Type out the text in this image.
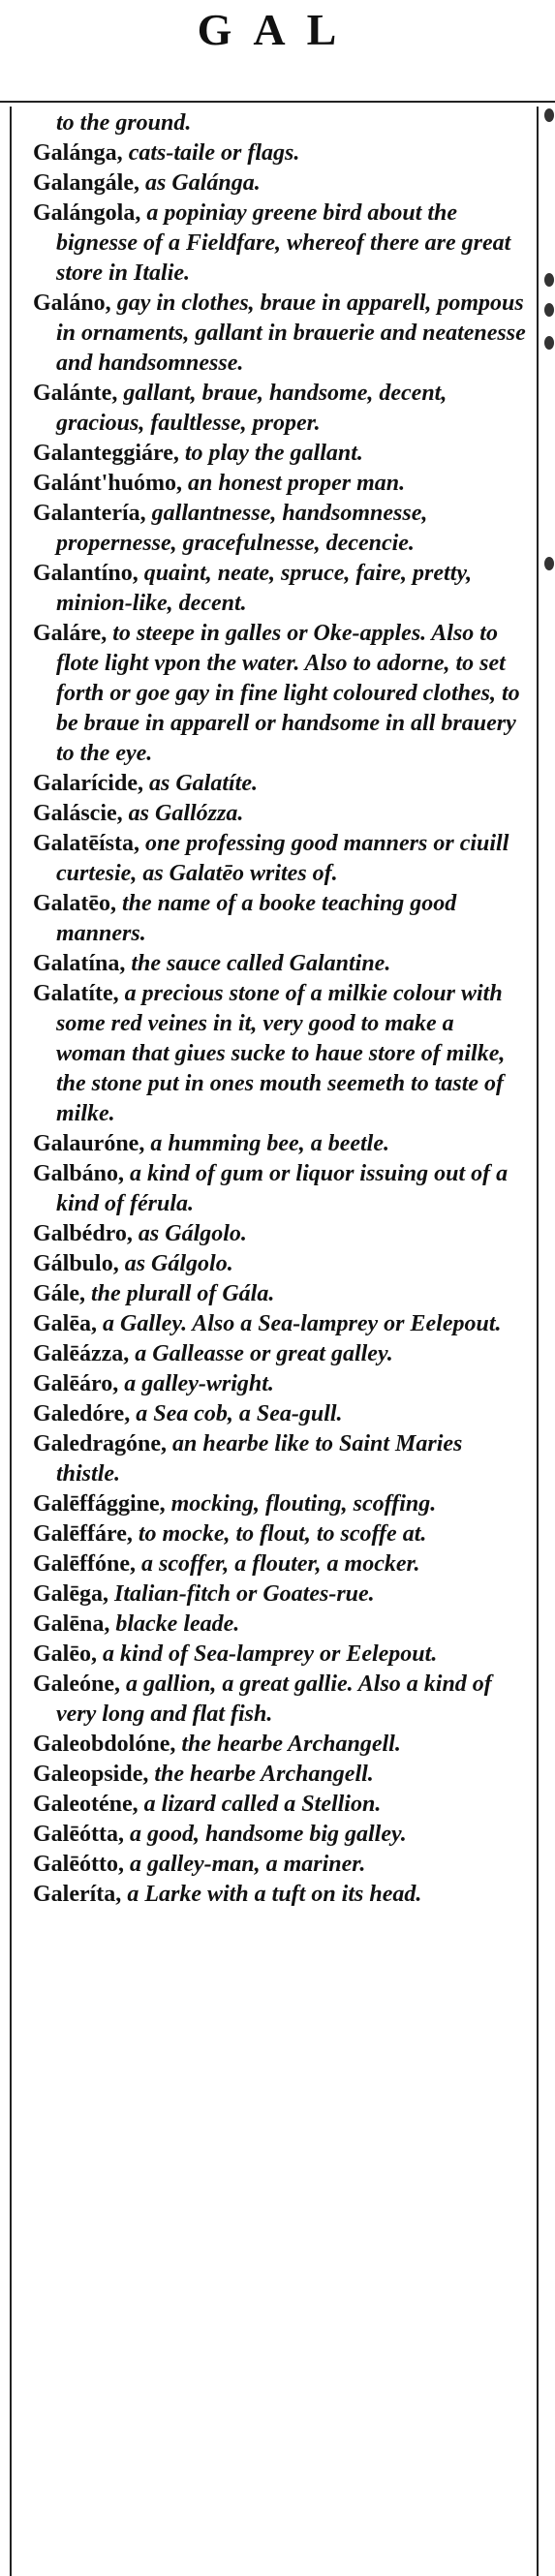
GAL

to the ground.

Galánga, cats-taile or flags.

Galangále, as Galánga.

Galángola, a popiniay greene bird about the bignesse of a Fieldfare, whereof there are great store in Italie.

Galáno, gay in clothes, braue in apparell, pompous in ornaments, gallant in brauerie and neatenesse and handsomnesse.

Galánte, gallant, braue, handsome, decent, gracious, faultlesse, proper.

Galanteggiáre, to play the gallant.

Galánt'huómo, an honest proper man.

Galantería, gallantnesse, handsomnesse, propernesse, gracefulnesse, decencie.

Galantíno, quaint, neate, spruce, faire, pretty, minion-like, decent.

Galáre, to steepe in galles or Oke-apples. Also to flote light vpon the water. Also to adorne, to set forth or goe gay in fine light coloured clothes, to be braue in apparell or handsome in all brauery to the eye.

Galarícide, as Galatíte.

Galáscie, as Gallózza.

Galatēísta, one professing good manners or ciuill curtesie, as Galatēo writes of.

Galatēo, the name of a booke teaching good manners.

Galatína, the sauce called Galantine.

Galatíte, a precious stone of a milkie colour with some red veines in it, very good to make a woman that giues sucke to haue store of milke, the stone put in ones mouth seemeth to taste of milke.

Galauróne, a humming bee, a beetle.

Galbáno, a kind of gum or liquor issuing out of a kind of férula.

Galbédro, as Gálgolo.

Gálbulo, as Gálgolo.

Gále, the plurall of Gála.

Galēa, a Galley. Also a Sea-lamprey or Eelepout.

Galēázza, a Galleasse or great galley.

Galēáro, a galley-wright.

Galedóre, a Sea cob, a Sea-gull.

Galedragóne, an hearbe like to Saint Maries thistle.

Galēffággine, mocking, flouting, scoffing.

Galēffáre, to mocke, to flout, to scoffe at.

Galēffóne, a scoffer, a flouter, a mocker.

Galēga, Italian-fitch or Goates-rue.

Galēna, blacke leade.

Galēo, a kind of Sea-lamprey or Eelepout.

Galeóne, a gallion, a great gallie. Also a kind of very long and flat fish.

Galeobdolóne, the hearbe Archangell.

Galeopside, the hearbe Archangell.

Galeoténe, a lizard called a Stellion.

Galēótta, a good, handsome big galley.

Galēótto, a galley-man, a mariner.

Galeríta, a Larke with a tuft on its head.
